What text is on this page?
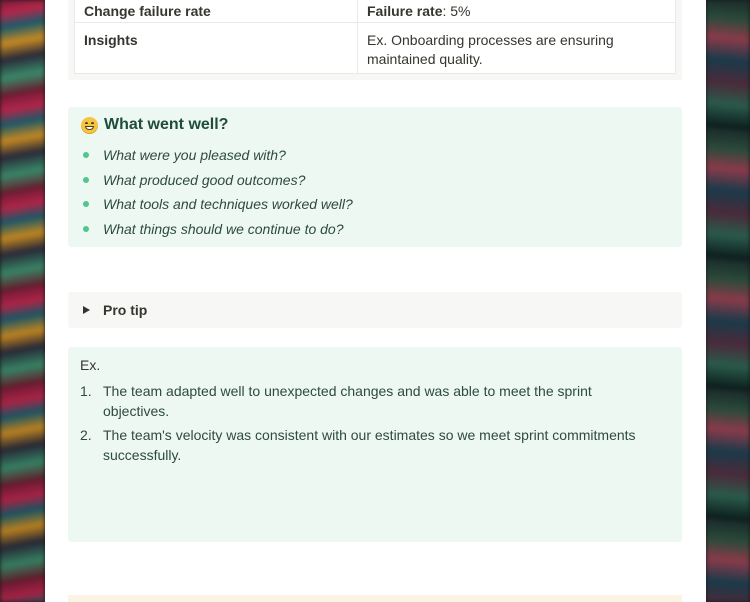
Change failure rate	Failure rate: 5%
Insights	Ex. Onboarding processes are ensuring maintained quality.
What went well?
What were you pleased with?
What produced good outcomes?
What tools and techniques worked well?
What things should we continue to do?
Pro tip
Ex.
1. The team adapted well to unexpected changes and was able to meet the sprint objectives.
2. The team's velocity was consistent with our estimates so we meet sprint commitments successfully.
